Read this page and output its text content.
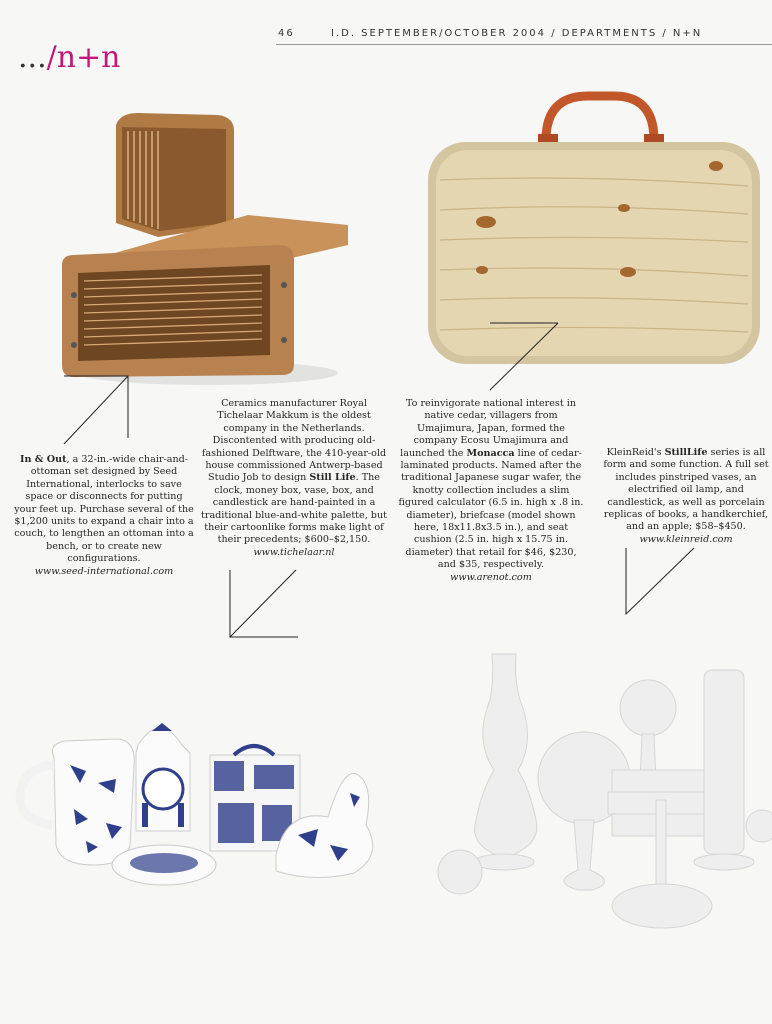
46	I.D. SEPTEMBER/OCTOBER 2004 / DEPARTMENTS / N+N
.../n+n
In & Out, a 32-in.-wide chair-and-ottoman set designed by Seed International, interlocks to save space or disconnects for putting your feet up. Purchase several of the $1,200 units to expand a chair into a couch, to lengthen an ottoman into a bench, or to create new configurations.
www.seed-international.com
Ceramics manufacturer Royal Tichelaar Makkum is the oldest company in the Netherlands. Discontented with producing old-fashioned Delftware, the 410-year-old house commissioned Antwerp-based Studio Job to design Still Life. The clock, money box, vase, box, and candlestick are hand-painted in a traditional blue-and-white palette, but their cartoonlike forms make light of their precedents; $600–$2,150.
www.tichelaar.nl
To reinvigorate national interest in native cedar, villagers from Umajimura, Japan, formed the company Ecosu Umajimura and launched the Monacca line of cedar-laminated products. Named after the traditional Japanese sugar wafer, the knotty collection includes a slim figured calculator (6.5 in. high x .8 in. diameter), briefcase (model shown here, 18x11.8x3.5 in.), and seat cushion (2.5 in. high x 15.75 in. diameter) that retail for $46, $230, and $35, respectively. www.arenot.com
KleinReid's StillLife series is all form and some function. A full set includes pinstriped vases, an electrified oil lamp, and candlestick, as well as porcelain replicas of books, a handkerchief, and an apple; $58–$450. www.kleinreid.com
